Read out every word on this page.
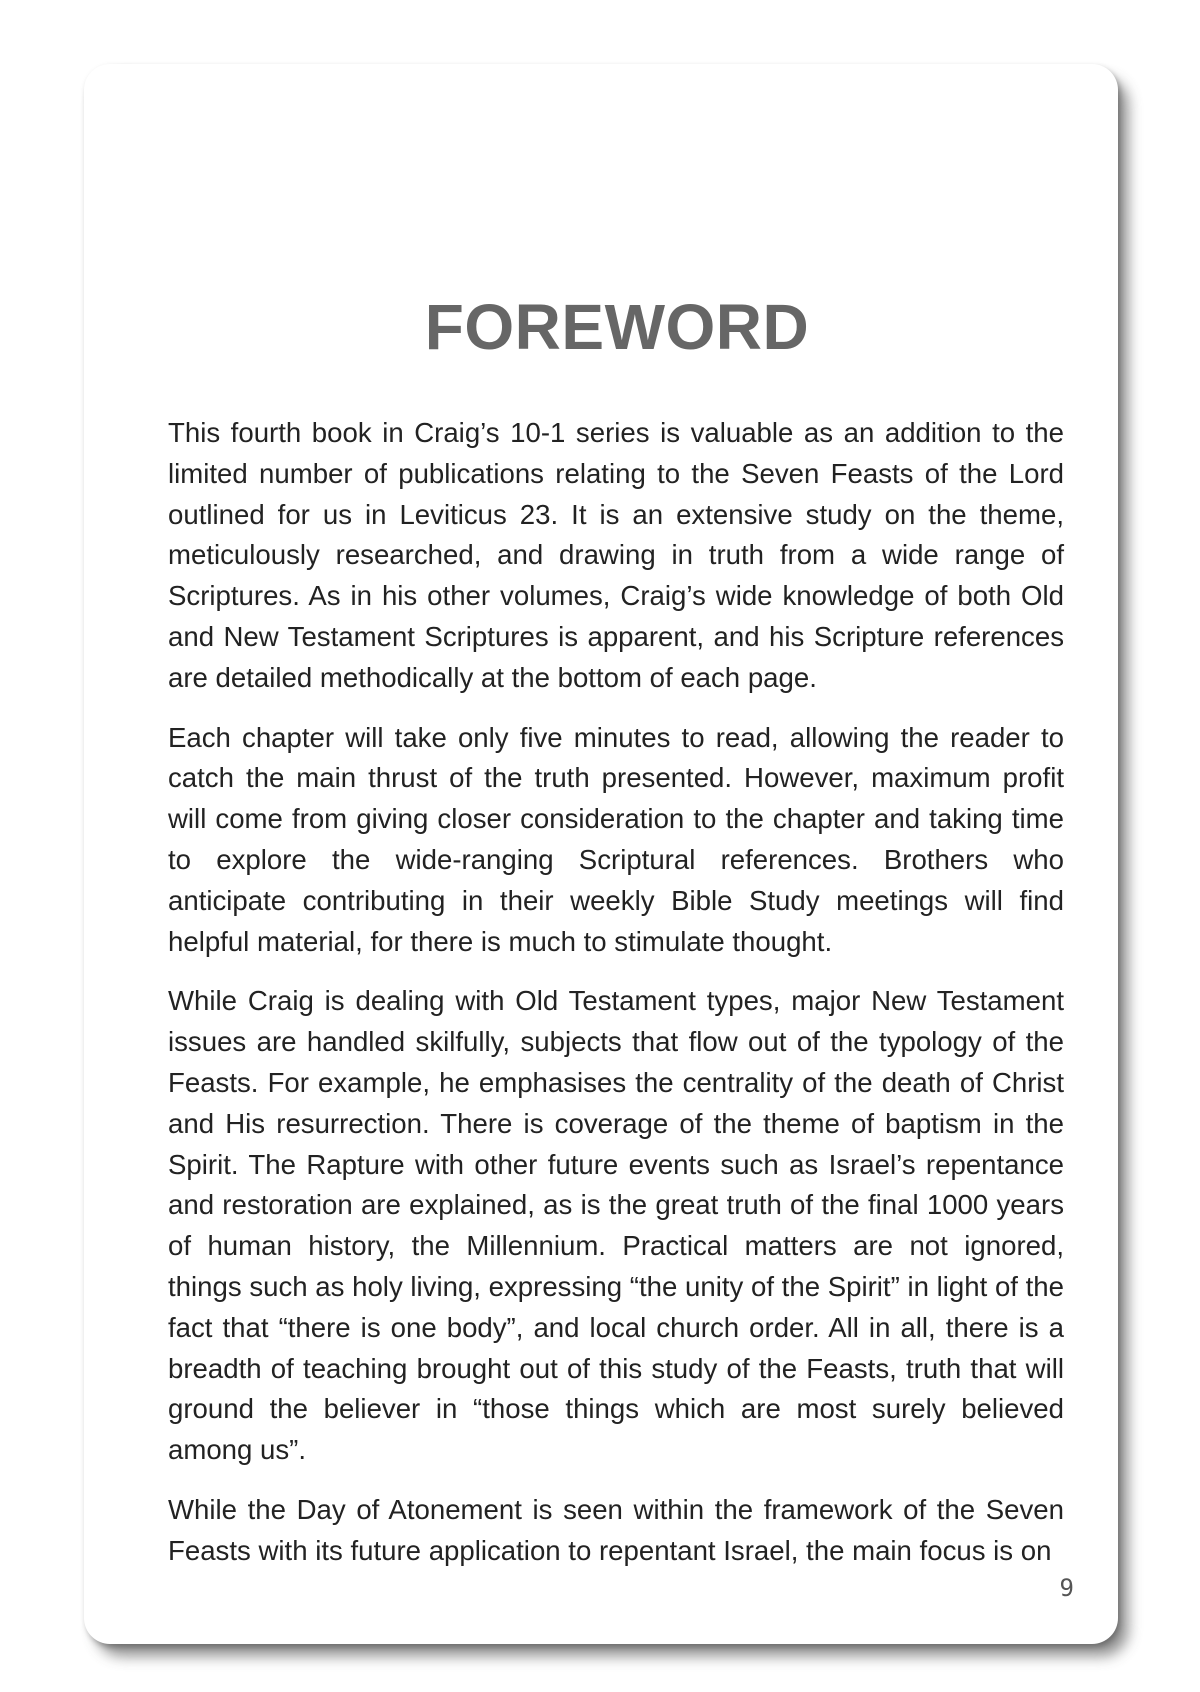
FOREWORD

This fourth book in Craig’s 10-1 series is valuable as an addition to the limited number of publications relating to the Seven Feasts of the Lord outlined for us in Leviticus 23. It is an extensive study on the theme, meticulously researched, and drawing in truth from a wide range of Scriptures. As in his other volumes, Craig’s wide knowledge of both Old and New Testament Scriptures is apparent, and his Scripture references are detailed methodically at the bottom of each page.

Each chapter will take only five minutes to read, allowing the reader to catch the main thrust of the truth presented. However, maximum profit will come from giving closer consideration to the chapter and taking time to explore the wide-ranging Scriptural references. Brothers who anticipate contributing in their weekly Bible Study meetings will find helpful material, for there is much to stimulate thought.

While Craig is dealing with Old Testament types, major New Testament issues are handled skilfully, subjects that flow out of the typology of the Feasts. For example, he emphasises the centrality of the death of Christ and His resurrection. There is coverage of the theme of baptism in the Spirit. The Rapture with other future events such as Israel’s repentance and restoration are explained, as is the great truth of the final 1000 years of human history, the Millennium. Practical matters are not ignored, things such as holy living, expressing “the unity of the Spirit” in light of the fact that “there is one body”, and local church order. All in all, there is a breadth of teaching brought out of this study of the Feasts, truth that will ground the believer in “those things which are most surely believed among us”.

While the Day of Atonement is seen within the framework of the Seven Feasts with its future application to repentant Israel, the main focus is on

9
